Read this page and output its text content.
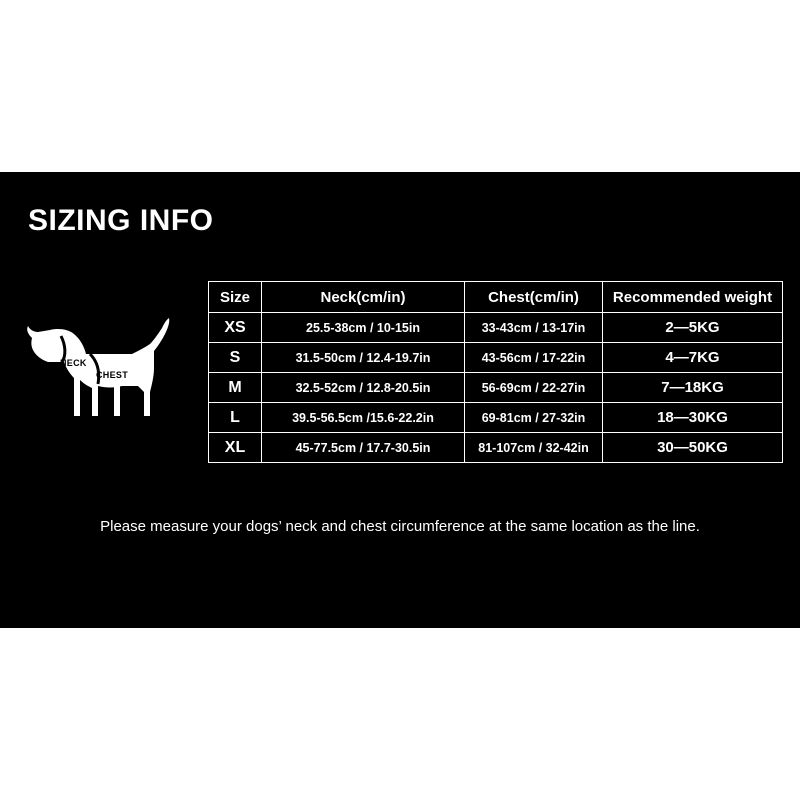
SIZING INFO
NECK
CHEST
Size	Neck(cm/in)	Chest(cm/in)	Recommended weight
XS	25.5-38cm / 10-15in	33-43cm / 13-17in	2—5KG
S	31.5-50cm / 12.4-19.7in	43-56cm / 17-22in	4—7KG
M	32.5-52cm / 12.8-20.5in	56-69cm / 22-27in	7—18KG
L	39.5-56.5cm /15.6-22.2in	69-81cm / 27-32in	18—30KG
XL	45-77.5cm / 17.7-30.5in	81-107cm / 32-42in	30—50KG
Please measure your dogs’ neck and chest circumference at the same location as the line.
